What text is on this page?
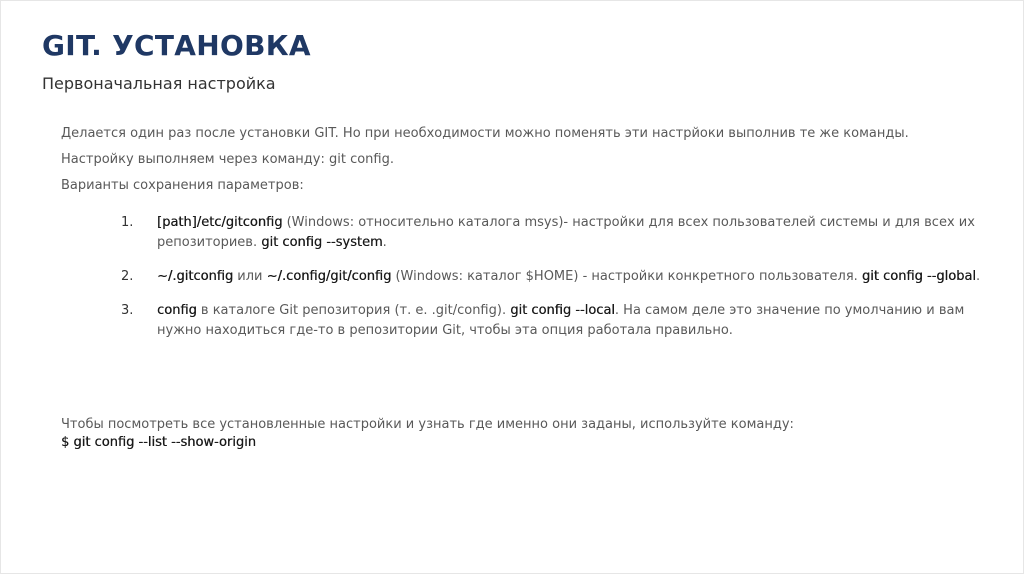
GIT. УСТАНОВКА
Первоначальная настройка
Делается один раз после установки GIT. Но при необходимости можно поменять эти настрйоки выполнив те же команды.
Настройку выполняем через команду: git config.
Варианты сохранения параметров:
1. [path]/etc/gitconfig (Windows: относительно каталога msys)- настройки для всех пользователей системы и для всех их репозиториев. git config --system.
2. ~/.gitconfig или ~/.config/git/config (Windows: каталог $HOME) - настройки конкретного пользователя. git config --global.
3. config в каталоге Git репозитория (т. е. .git/config). git config --local. На самом деле это значение по умолчанию и вам нужно находиться где-то в репозитории Git, чтобы эта опция работала правильно.
Чтобы посмотреть все установленные настройки и узнать где именно они заданы, используйте команду:
$ git config --list --show-origin
